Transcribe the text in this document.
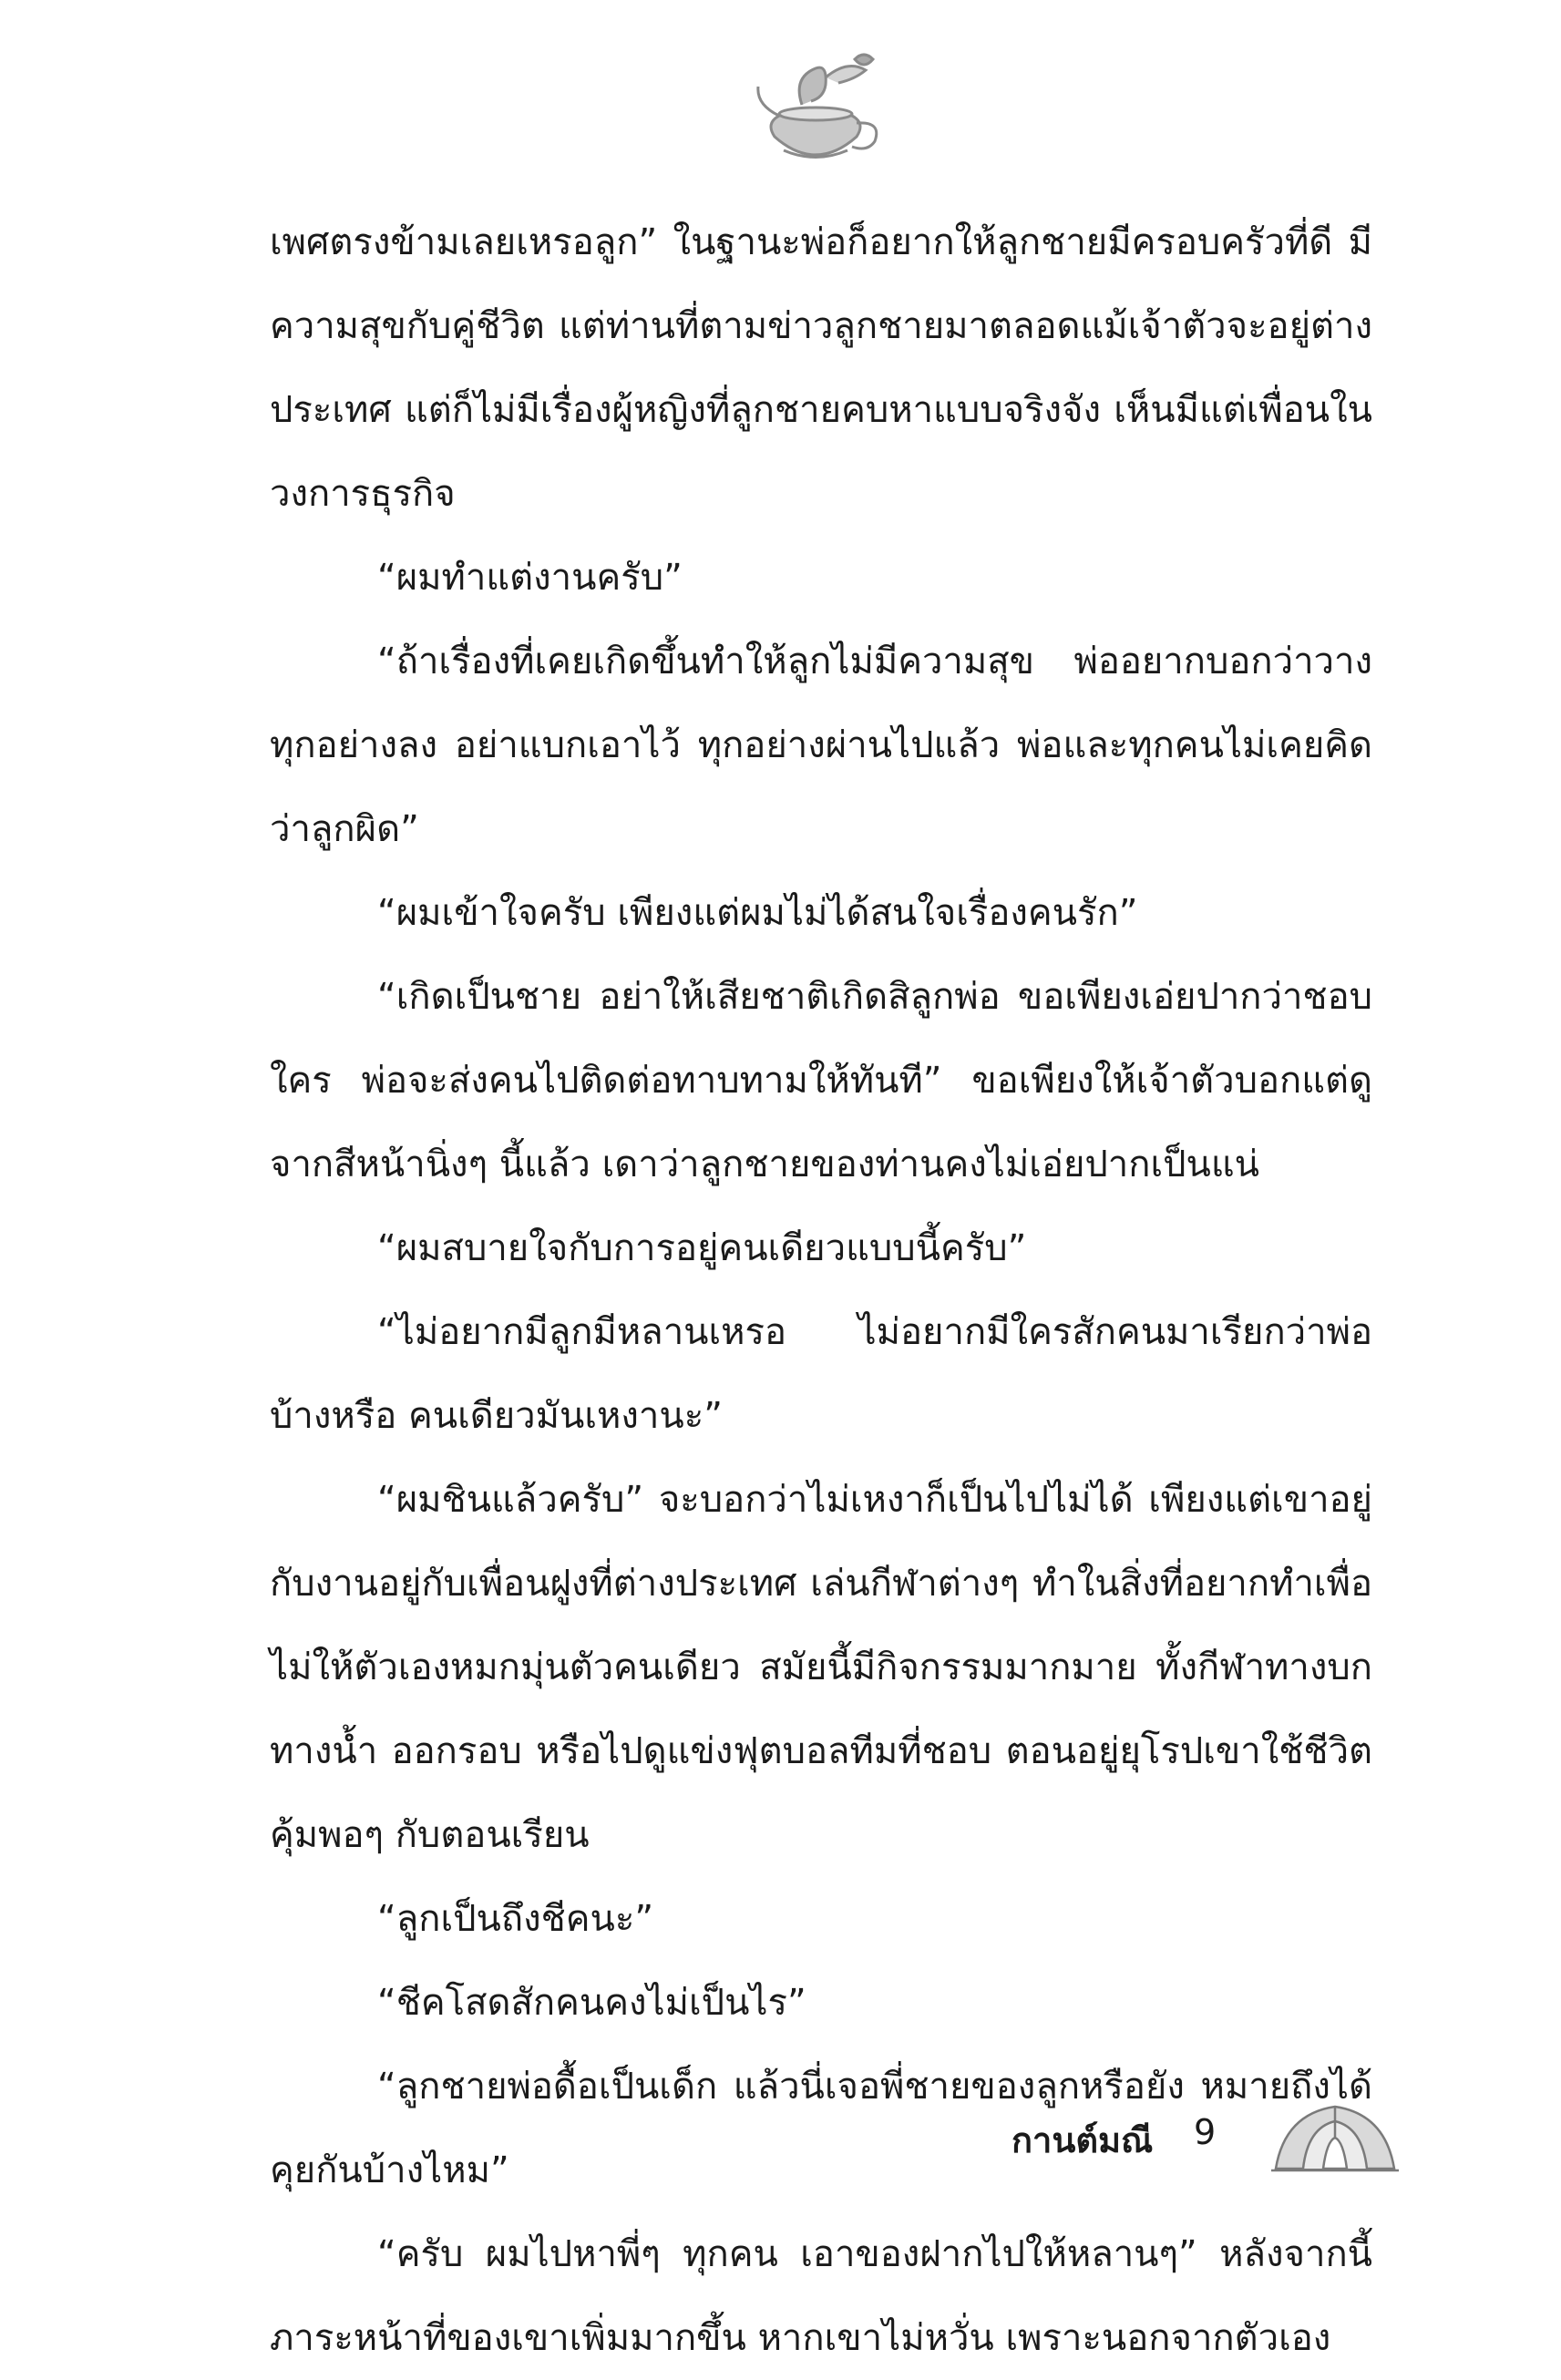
เพศตรงข้ามเลยเหรอลูก” ในฐานะพ่อก็อยากให้ลูกชายมีครอบครัวที่ดี มีความสุขกับคู่ชีวิต แต่ท่านที่ตามข่าวลูกชายมาตลอดแม้เจ้าตัวจะอยู่ต่างประเทศ แต่ก็ไม่มีเรื่องผู้หญิงที่ลูกชายคบหาแบบจริงจัง เห็นมีแต่เพื่อนในวงการธุรกิจ

“ผมทำแต่งานครับ”

“ถ้าเรื่องที่เคยเกิดขึ้นทำให้ลูกไม่มีความสุข พ่ออยากบอกว่าวางทุกอย่างลง อย่าแบกเอาไว้ ทุกอย่างผ่านไปแล้ว พ่อและทุกคนไม่เคยคิดว่าลูกผิด”

“ผมเข้าใจครับ เพียงแต่ผมไม่ได้สนใจเรื่องคนรัก”

“เกิดเป็นชาย อย่าให้เสียชาติเกิดสิลูกพ่อ ขอเพียงเอ่ยปากว่าชอบใคร พ่อจะส่งคนไปติดต่อทาบทามให้ทันที” ขอเพียงให้เจ้าตัวบอกแต่ดูจากสีหน้านิ่งๆ นี้แล้ว เดาว่าลูกชายของท่านคงไม่เอ่ยปากเป็นแน่

“ผมสบายใจกับการอยู่คนเดียวแบบนี้ครับ”

“ไม่อยากมีลูกมีหลานเหรอ ไม่อยากมีใครสักคนมาเรียกว่าพ่อบ้างหรือ คนเดียวมันเหงานะ”

“ผมชินแล้วครับ” จะบอกว่าไม่เหงาก็เป็นไปไม่ได้ เพียงแต่เขาอยู่กับงานอยู่กับเพื่อนฝูงที่ต่างประเทศ เล่นกีฬาต่างๆ ทำในสิ่งที่อยากทำเพื่อไม่ให้ตัวเองหมกมุ่นตัวคนเดียว สมัยนี้มีกิจกรรมมากมาย ทั้งกีฬาทางบก ทางน้ำ ออกรอบ หรือไปดูแข่งฟุตบอลทีมที่ชอบ ตอนอยู่ยุโรปเขาใช้ชีวิตคุ้มพอๆ กับตอนเรียน

“ลูกเป็นถึงชีคนะ”

“ชีคโสดสักคนคงไม่เป็นไร”

“ลูกชายพ่อดื้อเป็นเด็ก แล้วนี่เจอพี่ชายของลูกหรือยัง หมายถึงได้คุยกันบ้างไหม”

“ครับ ผมไปหาพี่ๆ ทุกคน เอาของฝากไปให้หลานๆ” หลังจากนี้ภาระหน้าที่ของเขาเพิ่มมากขึ้น หากเขาไม่หวั่น เพราะนอกจากตัวเอง

กานต์มณี 9
